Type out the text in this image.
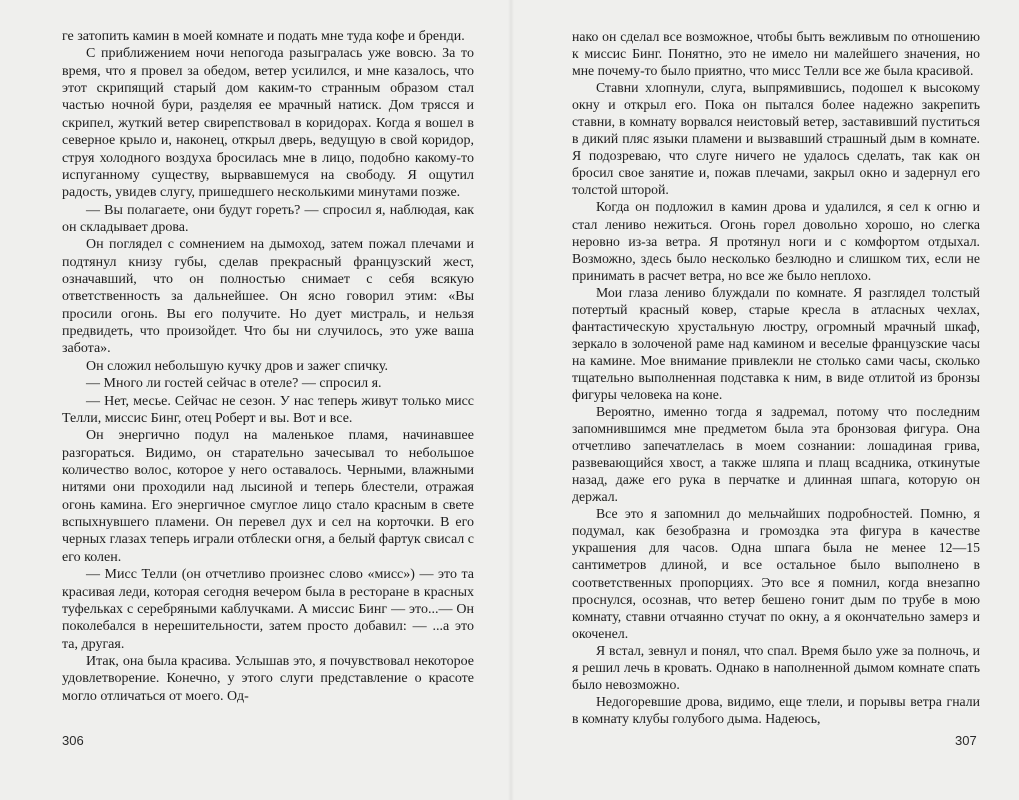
ге затопить камин в моей комнате и подать мне туда кофе и бренди.

С приближением ночи непогода разыгралась уже вовсю. За то время, что я провел за обедом, ветер усилился, и мне казалось, что этот скрипящий старый дом каким-то странным образом стал частью ночной бури, разделяя ее мрачный натиск. Дом трясся и скрипел, жуткий ветер свирепствовал в коридорах. Когда я вошел в северное крыло и, наконец, открыл дверь, ведущую в свой коридор, струя холодного воздуха бросилась мне в лицо, подобно какому-то испуганному существу, вырвавшемуся на свободу. Я ощутил радость, увидев слугу, пришедшего несколькими минутами позже.

— Вы полагаете, они будут гореть? — спросил я, наблюдая, как он складывает дрова.

Он поглядел с сомнением на дымоход, затем пожал плечами и подтянул книзу губы, сделав прекрасный французский жест, означавший, что он полностью снимает с себя всякую ответственность за дальнейшее. Он ясно говорил этим: «Вы просили огонь. Вы его получите. Но дует мистраль, и нельзя предвидеть, что произойдет. Что бы ни случилось, это уже ваша забота».

Он сложил небольшую кучку дров и зажег спичку.

— Много ли гостей сейчас в отеле? — спросил я.

— Нет, месье. Сейчас не сезон. У нас теперь живут только мисс Телли, миссис Бинг, отец Роберт и вы. Вот и все.

Он энергично подул на маленькое пламя, начинавшее разгораться. Видимо, он старательно зачесывал то небольшое количество волос, которое у него оставалось. Черными, влажными нитями они проходили над лысиной и теперь блестели, отражая огонь камина. Его энергичное смуглое лицо стало красным в свете вспыхнувшего пламени. Он перевел дух и сел на корточки. В его черных глазах теперь играли отблески огня, а белый фартук свисал с его колен.

— Мисс Телли (он отчетливо произнес слово «мисс») — это та красивая леди, которая сегодня вечером была в ресторане в красных туфельках с серебряными каблучками. А миссис Бинг — это...— Он поколебался в нерешительности, затем просто добавил: — ...а это та, другая.

Итак, она была красива. Услышав это, я почувствовал некоторое удовлетворение. Конечно, у этого слуги представление о красоте могло отличаться от моего. Од-

306

нако он сделал все возможное, чтобы быть вежливым по отношению к миссис Бинг. Понятно, это не имело ни малейшего значения, но мне почему-то было приятно, что мисс Телли все же была красивой.

Ставни хлопнули, слуга, выпрямившись, подошел к высокому окну и открыл его. Пока он пытался более надежно закрепить ставни, в комнату ворвался неистовый ветер, заставивший пуститься в дикий пляс языки пламени и вызвавший страшный дым в комнате. Я подозреваю, что слуге ничего не удалось сделать, так как он бросил свое занятие и, пожав плечами, закрыл окно и задернул его толстой шторой.

Когда он подложил в камин дрова и удалился, я сел к огню и стал лениво нежиться. Огонь горел довольно хорошо, но слегка неровно из-за ветра. Я протянул ноги и с комфортом отдыхал. Возможно, здесь было несколько безлюдно и слишком тих, если не принимать в расчет ветра, но все же было неплохо.

Мои глаза лениво блуждали по комнате. Я разглядел толстый потертый красный ковер, старые кресла в атласных чехлах, фантастическую хрустальную люстру, огромный мрачный шкаф, зеркало в золоченой раме над камином и веселые французские часы на камине. Мое внимание привлекли не столько сами часы, сколько тщательно выполненная подставка к ним, в виде отлитой из бронзы фигуры человека на коне.

Вероятно, именно тогда я задремал, потому что последним запомнившимся мне предметом была эта бронзовая фигура. Она отчетливо запечатлелась в моем сознании: лошадиная грива, развевающийся хвост, а также шляпа и плащ всадника, откинутые назад, даже его рука в перчатке и длинная шпага, которую он держал.

Все это я запомнил до мельчайших подробностей. Помню, я подумал, как безобразна и громоздка эта фигура в качестве украшения для часов. Одна шпага была не менее 12—15 сантиметров длиной, и все остальное было выполнено в соответственных пропорциях. Это все я помнил, когда внезапно проснулся, осознав, что ветер бешено гонит дым по трубе в мою комнату, ставни отчаянно стучат по окну, а я окончательно замерз и окоченел.

Я встал, зевнул и понял, что спал. Время было уже за полночь, и я решил лечь в кровать. Однако в наполненной дымом комнате спать было невозможно.

Недогоревшие дрова, видимо, еще тлели, и порывы ветра гнали в комнату клубы голубого дыма. Надеюсь,

307
